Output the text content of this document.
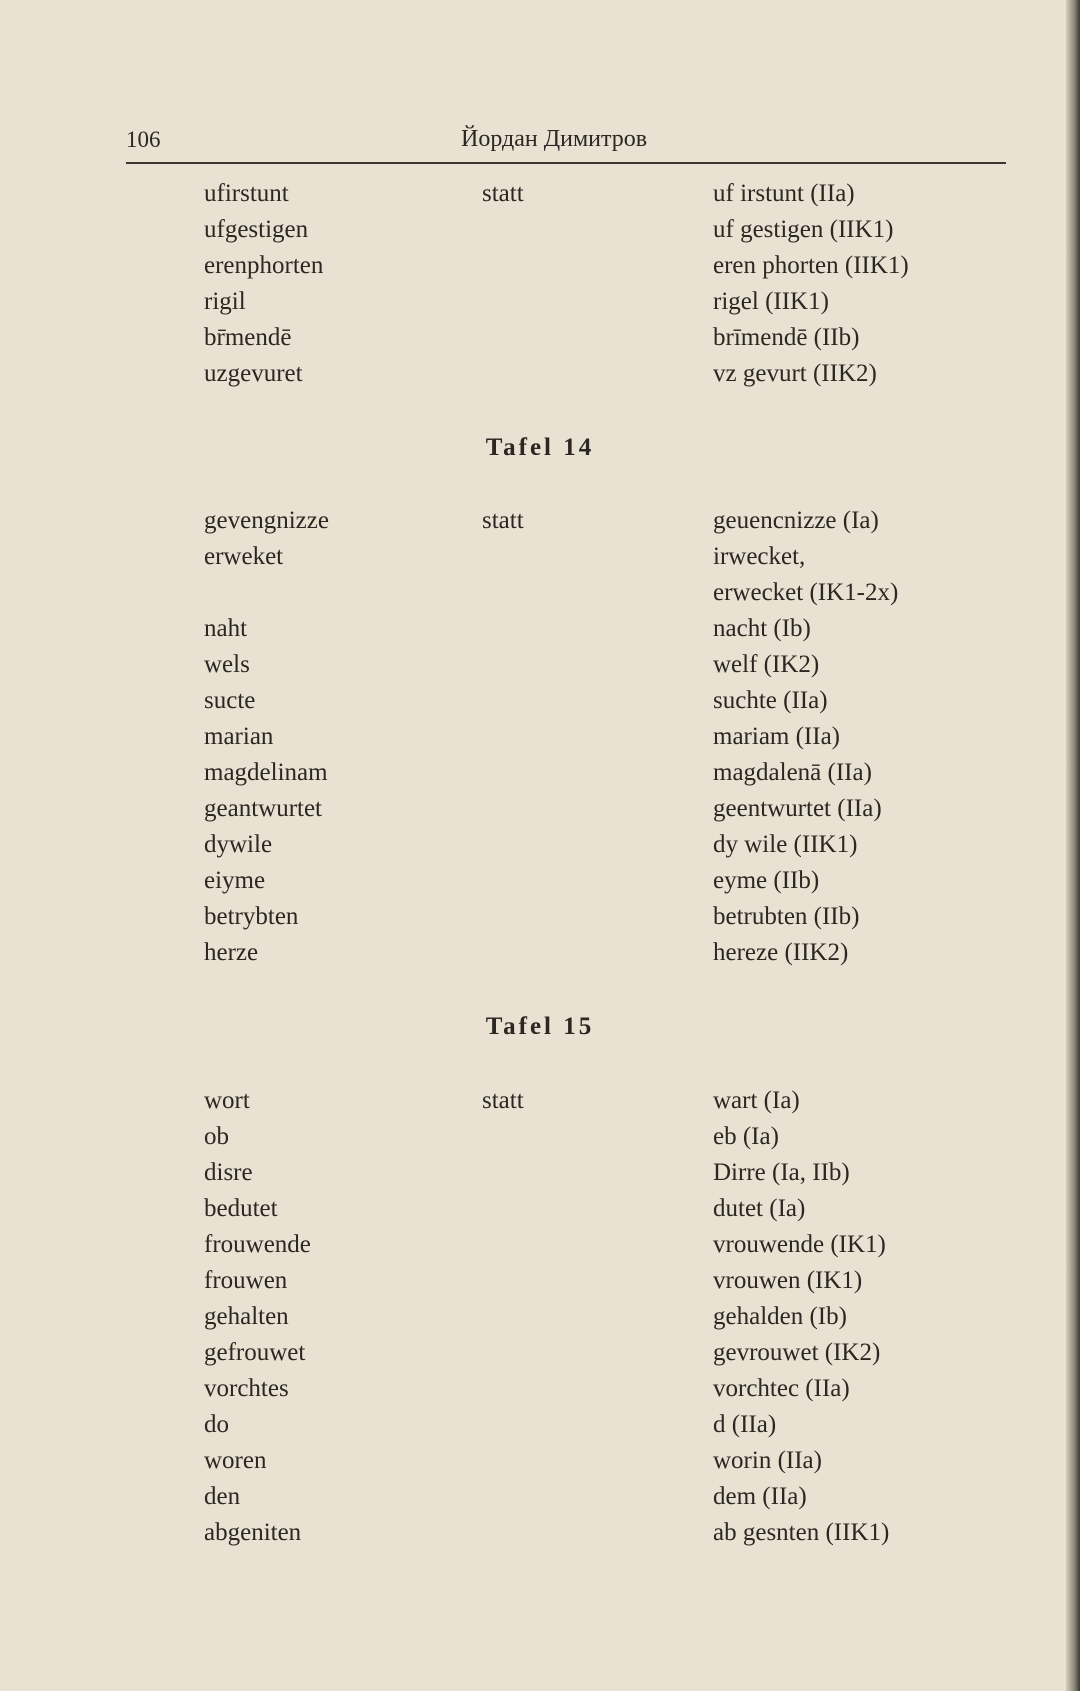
106	Йордан Димитров
ufirstunt	statt	uf irstunt (IIa)
ufgestigen	uf gestigen (IIK1)
erenphorten	eren phorten (IIK1)
rigil	rigel (IIK1)
br̄mendē	brīmendē (IIb)
uzgevuret	vz gevurt (IIK2)
Tafel 14
gevengnizze	statt	geuencnizze (Ia)
erweket	irwecket,
erwecket (IK1-2x)
naht	nacht (Ib)
wels	welf (IK2)
sucte	suchte (IIa)
marian	mariam (IIa)
magdelinam	magdalenā (IIa)
geantwurtet	geentwurtet (IIa)
dywile	dy wile (IIK1)
eiyme	eyme (IIb)
betrybten	betrubten (IIb)
herze	hereze (IIK2)
Tafel 15
wort	statt	wart (Ia)
ob	eb (Ia)
disre	Dirre (Ia, IIb)
bedutet	dutet (Ia)
frouwende	vrouwende (IK1)
frouwen	vrouwen (IK1)
gehalten	gehalden (Ib)
gefrouwet	gevrouwet (IK2)
vorchtes	vorchtec (IIa)
do	d (IIa)
woren	worin (IIa)
den	dem (IIa)
abgeniten	ab gesnten (IIK1)
